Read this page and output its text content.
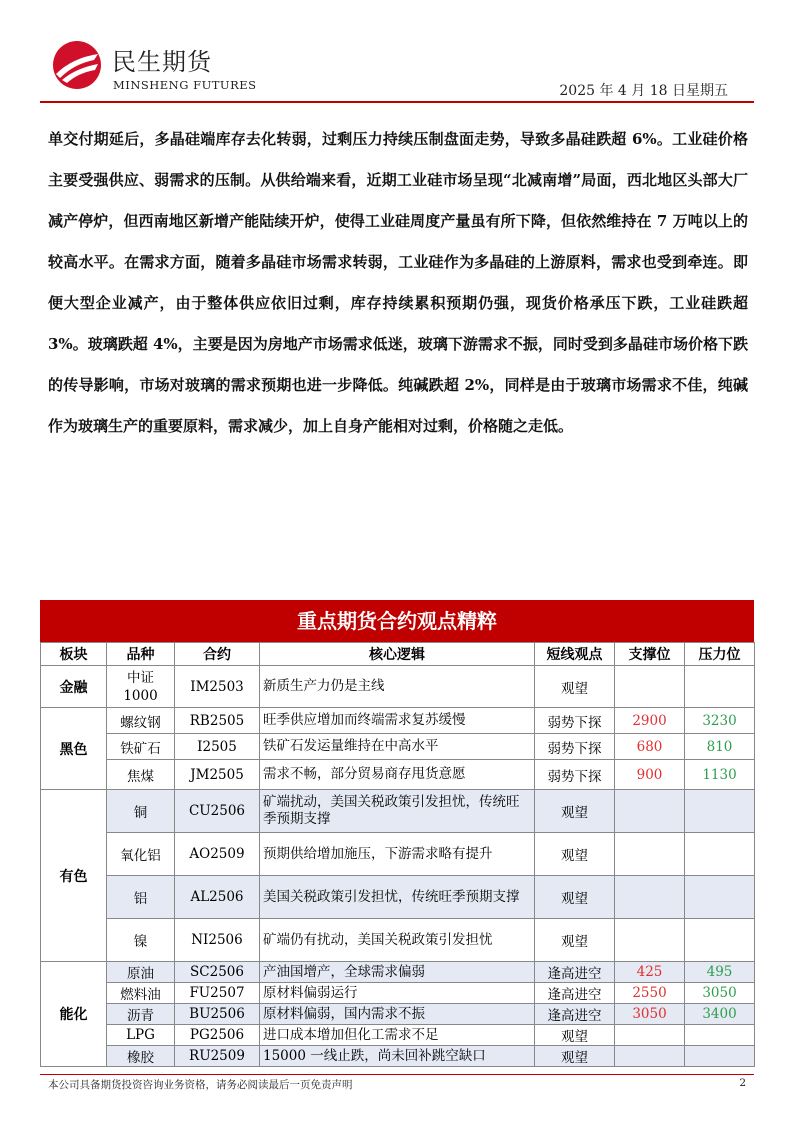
民生期货
MINSHENG FUTURES	2025 年 4 月 18 日星期五

单交付期延后，多晶硅端库存去化转弱，过剩压力持续压制盘面走势，导致多晶硅跌超 6%。工业硅价格主要受强供应、弱需求的压制。从供给端来看，近期工业硅市场呈现“北减南增”局面，西北地区头部大厂减产停炉，但西南地区新增产能陆续开炉，使得工业硅周度产量虽有所下降，但依然维持在 7 万吨以上的较高水平。在需求方面，随着多晶硅市场需求转弱，工业硅作为多晶硅的上游原料，需求也受到牵连。即便大型企业减产，由于整体供应依旧过剩，库存持续累积预期仍强，现货价格承压下跌，工业硅跌超 3%。玻璃跌超 4%，主要是因为房地产市场需求低迷，玻璃下游需求不振，同时受到多晶硅市场价格下跌的传导影响，市场对玻璃的需求预期也进一步降低。纯碱跌超 2%，同样是由于玻璃市场需求不佳，纯碱作为玻璃生产的重要原料，需求减少，加上自身产能相对过剩，价格随之走低。

重点期货合约观点精粹
板块	品种	合约	核心逻辑	短线观点	支撑位	压力位
金融	中证1000	IM2503	新质生产力仍是主线	观望		
黑色	螺纹钢	RB2505	旺季供应增加而终端需求复苏缓慢	弱势下探	2900	3230
	铁矿石	I2505	铁矿石发运量维持在中高水平	弱势下探	680	810
	焦煤	JM2505	需求不畅，部分贸易商存甩货意愿	弱势下探	900	1130
有色	铜	CU2506	矿端扰动，美国关税政策引发担忧，传统旺季预期支撑	观望		
	氧化铝	AO2509	预期供给增加施压，下游需求略有提升	观望		
	铝	AL2506	美国关税政策引发担忧，传统旺季预期支撑	观望		
	镍	NI2506	矿端仍有扰动，美国关税政策引发担忧	观望		
能化	原油	SC2506	产油国增产，全球需求偏弱	逢高进空	425	495
	燃料油	FU2507	原材料偏弱运行	逢高进空	2550	3050
	沥青	BU2506	原材料偏弱，国内需求不振	逢高进空	3050	3400
	LPG	PG2506	进口成本增加但化工需求不足	观望		
	橡胶	RU2509	15000 一线止跌，尚未回补跳空缺口	观望		
本公司具备期货投资咨询业务资格，请务必阅读最后一页免责声明	2
